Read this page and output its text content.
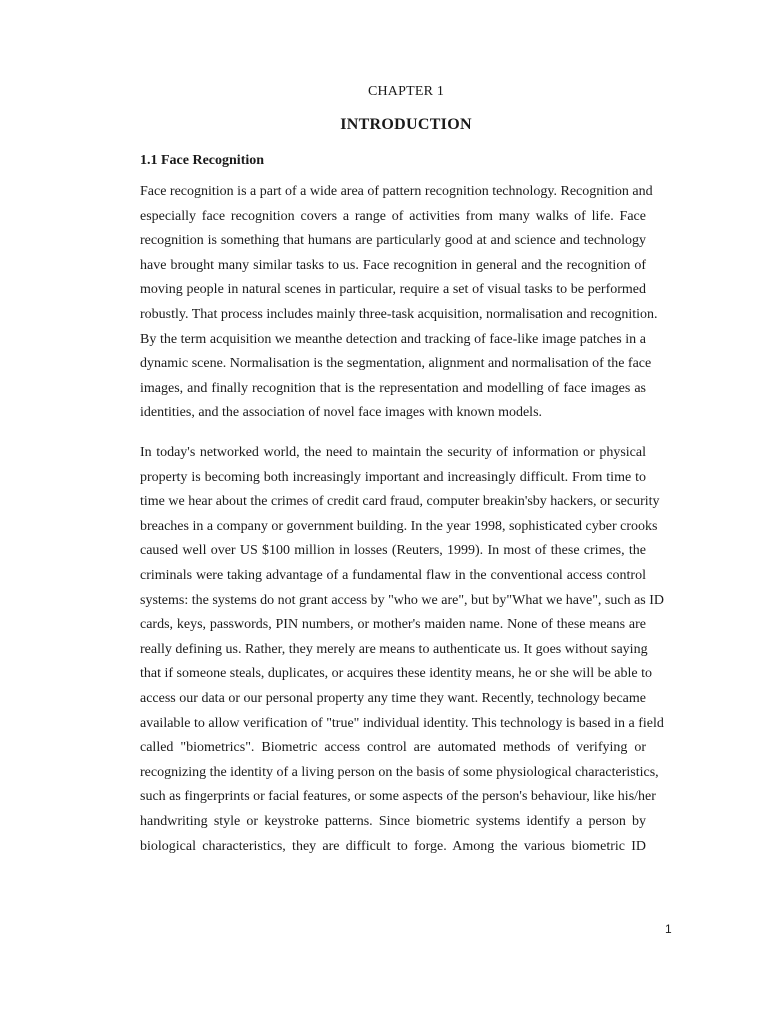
CHAPTER 1
INTRODUCTION
1.1 Face Recognition
Face recognition is a part of a wide area of pattern recognition technology. Recognition and
especially face recognition covers a range of activities from many walks of life. Face
recognition is something that humans are particularly good at and science and technology
have brought many similar tasks to us. Face recognition in general and the recognition of
moving people in natural scenes in particular, require a set of visual tasks to be performed
robustly. That process includes mainly three-task acquisition, normalisation and recognition.
By the term acquisition we meanthe detection and tracking of face-like image patches in a
dynamic scene. Normalisation is the segmentation, alignment and normalisation of the face
images, and finally recognition that is the representation and modelling of face images as
identities, and the association of novel face images with known models.
In today's networked world, the need to maintain the security of information or physical
property is becoming both increasingly important and increasingly difficult. From time to
time we hear about the crimes of credit card fraud, computer breakin'sby hackers, or security
breaches in a company or government building. In the year 1998, sophisticated cyber crooks
caused well over US $100 million in losses (Reuters, 1999). In most of these crimes, the
criminals were taking advantage of a fundamental flaw in the conventional access control
systems: the systems do not grant access by "who we are", but by"What we have", such as ID
cards, keys, passwords, PIN numbers, or mother's maiden name. None of these means are
really defining us. Rather, they merely are means to authenticate us. It goes without saying
that if someone steals, duplicates, or acquires these identity means, he or she will be able to
access our data or our personal property any time they want. Recently, technology became
available to allow verification of "true" individual identity. This technology is based in a field
called "biometrics". Biometric access control are automated methods of verifying or
recognizing the identity of a living person on the basis of some physiological characteristics,
such as fingerprints or facial features, or some aspects of the person's behaviour, like his/her
handwriting style or keystroke patterns. Since biometric systems identify a person by
biological characteristics, they are difficult to forge. Among the various biometric ID
1
